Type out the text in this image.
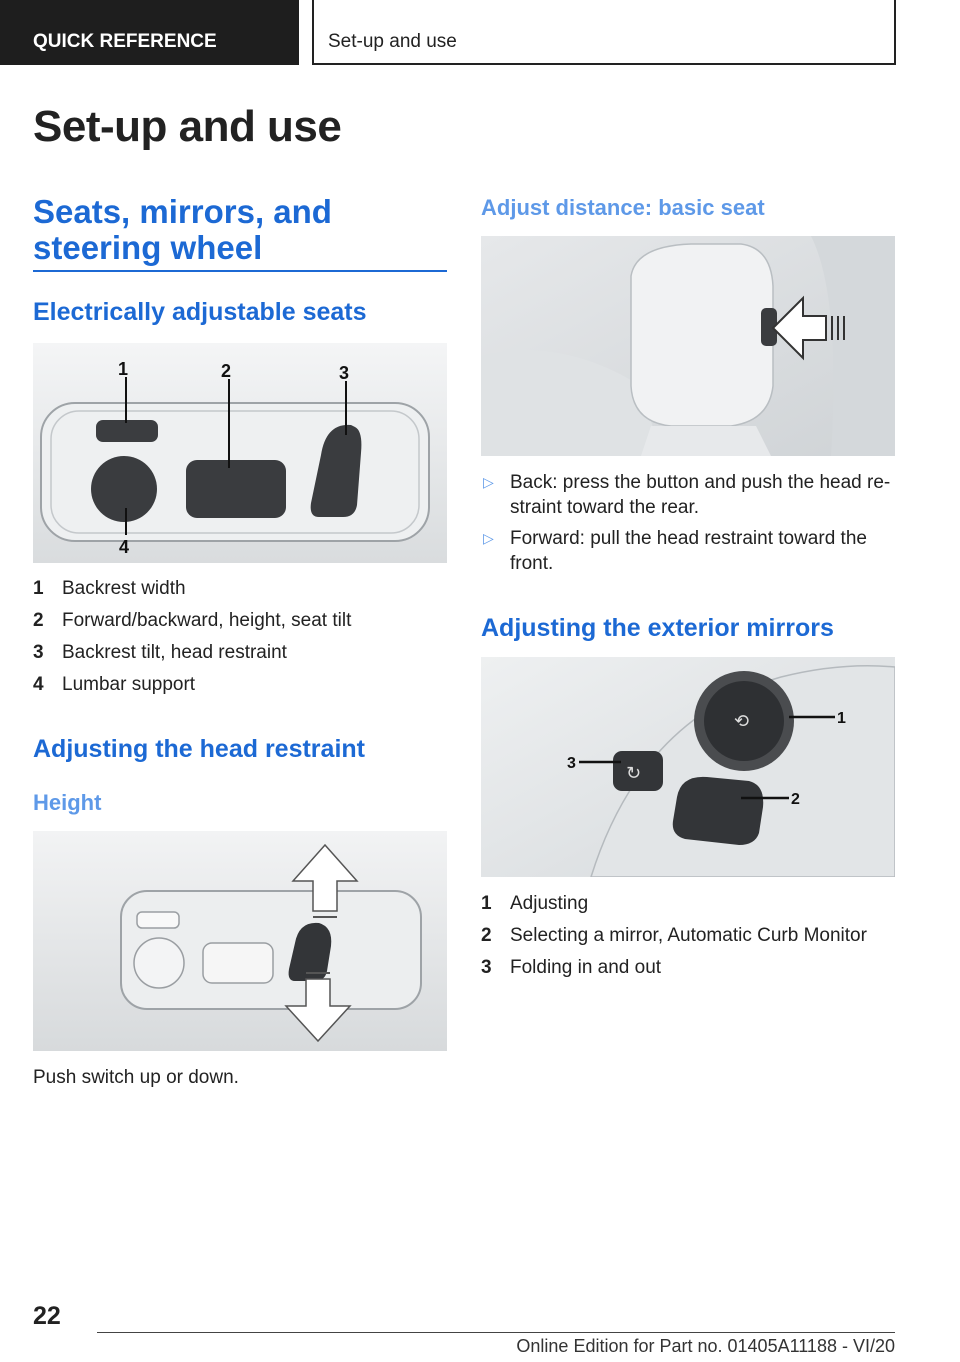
QUICK REFERENCE	Set-up and use
Set-up and use
Seats, mirrors, and steering wheel
Electrically adjustable seats
1	2	3
4
1 Backrest width
2 Forward/backward, height, seat tilt
3 Backrest tilt, head restraint
4 Lumbar support
Adjusting the head restraint
Height
Push switch up or down.
Adjust distance: basic seat
▷ Back: press the button and push the head re-straint toward the rear.
▷ Forward: pull the head restraint toward the front.
Adjusting the exterior mirrors
⟲
↻
1
2
3
1 Adjusting
2 Selecting a mirror, Automatic Curb Monitor
3 Folding in and out
22
Online Edition for Part no. 01405A11188 - VI/20
